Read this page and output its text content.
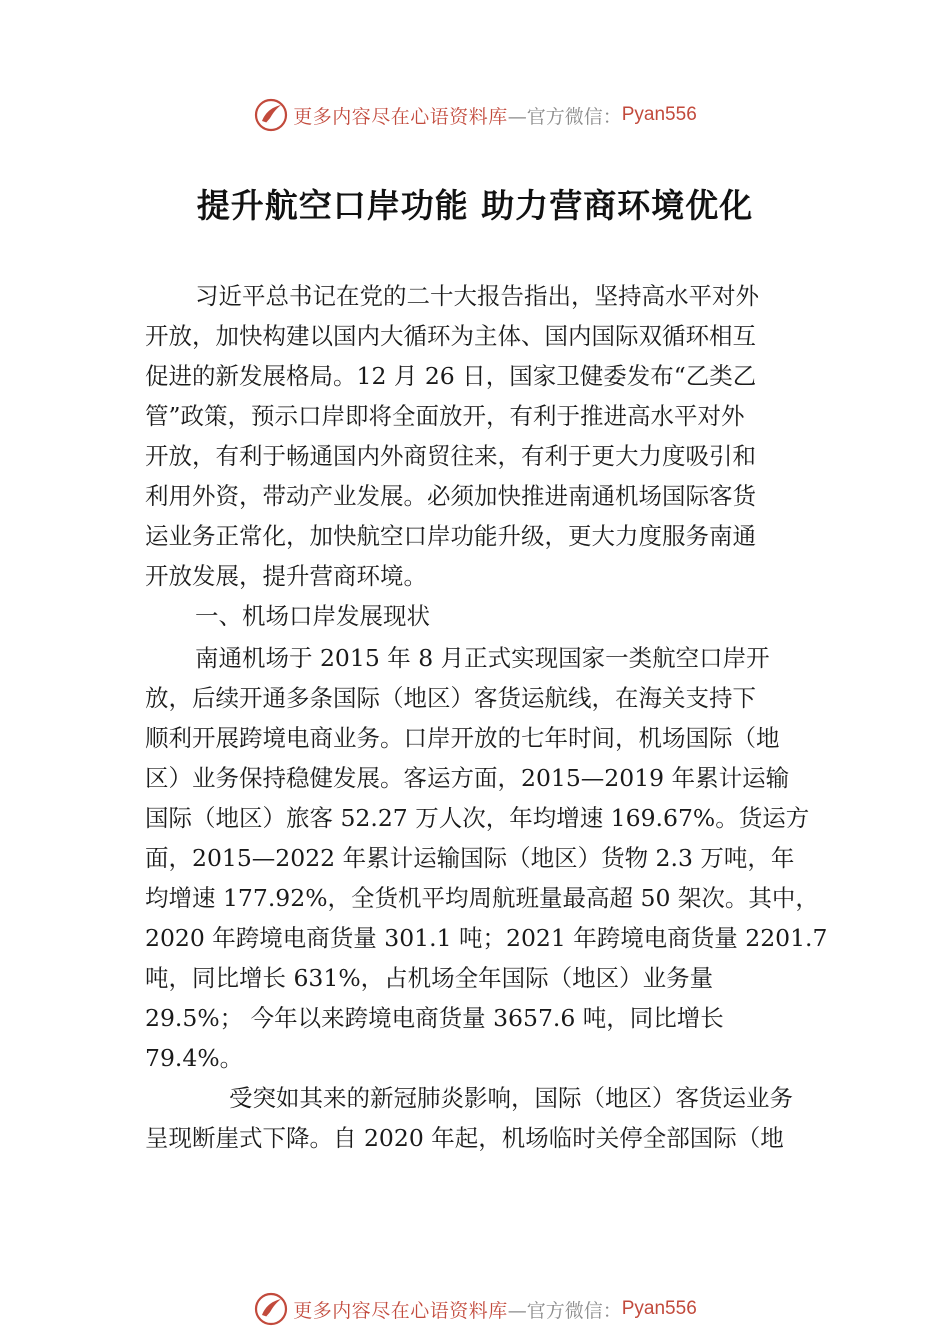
更多内容尽在心语资料库 —官方微信： Pyan556
提升航空口岸功能 助力营商环境优化
习近平总书记在党的二十大报告指出，坚持高水平对外
开放，加快构建以国内大循环为主体、国内国际双循环相互
促进的新发展格局。12 月 26 日，国家卫健委发布“乙类乙
管”政策，预示口岸即将全面放开，有利于推进高水平对外
开放，有利于畅通国内外商贸往来，有利于更大力度吸引和
利用外资，带动产业发展。必须加快推进南通机场国际客货
运业务正常化，加快航空口岸功能升级，更大力度服务南通
开放发展，提升营商环境。
一、机场口岸发展现状
南通机场于 2015 年 8 月正式实现国家一类航空口岸开
放，后续开通多条国际（地区）客货运航线，在海关支持下
顺利开展跨境电商业务。口岸开放的七年时间，机场国际（地
区）业务保持稳健发展。客运方面，2015—2019 年累计运输
国际（地区）旅客 52.27 万人次，年均增速 169.67%。货运方
面，2015—2022 年累计运输国际（地区）货物 2.3 万吨，年
均增速 177.92%，全货机平均周航班量最高超 50 架次。其中，
2020 年跨境电商货量 301.1 吨；2021 年跨境电商货量 2201.7
吨，同比增长 631%，占机场全年国际（地区）业务量
29.5%； 今年以来跨境电商货量 3657.6 吨，同比增长
79.4%。
受突如其来的新冠肺炎影响，国际（地区）客货运业务
呈现断崖式下降。自 2020 年起，机场临时关停全部国际（地
更多内容尽在心语资料库 —官方微信： Pyan556
